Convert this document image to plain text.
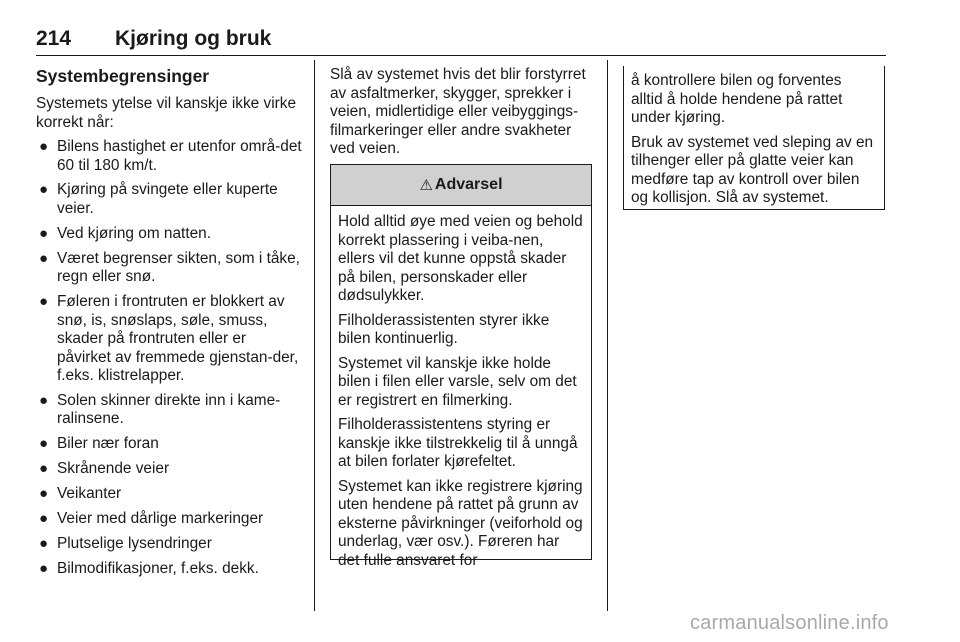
214 Kjøring og bruk
Systembegrensinger
Systemets ytelse vil kanskje ikke virke korrekt når:
● Bilens hastighet er utenfor områ-det 60 til 180 km/t.
● Kjøring på svingete eller kuperte veier.
● Ved kjøring om natten.
● Været begrenser sikten, som i tåke, regn eller snø.
● Føleren i frontruten er blokkert av snø, is, snøslaps, søle, smuss, skader på frontruten eller er påvirket av fremmede gjenstan-der, f.eks. klistrelapper.
● Solen skinner direkte inn i kame-ralinsene.
● Biler nær foran
● Skrånende veier
● Veikanter
● Veier med dårlige markeringer
● Plutselige lysendringer
● Bilmodifikasjoner, f.eks. dekk.
Slå av systemet hvis det blir forstyrret av asfaltmerker, skygger, sprekker i veien, midlertidige eller veibyggings-filmarkeringer eller andre svakheter ved veien.
⚠ Advarsel

Hold alltid øye med veien og behold korrekt plassering i veiba-nen, ellers vil det kunne oppstå skader på bilen, personskader eller dødsulykker.

Filholderassistenten styrer ikke bilen kontinuerlig.

Systemet vil kanskje ikke holde bilen i filen eller varsle, selv om det er registrert en filmerking.

Filholderassistentens styring er kanskje ikke tilstrekkelig til å unngå at bilen forlater kjørefeltet.

Systemet kan ikke registrere kjøring uten hendene på rattet på grunn av eksterne påvirkninger (veiforhold og underlag, vær osv.). Føreren har det fulle ansvaret for

å kontrollere bilen og forventes alltid å holde hendene på rattet under kjøring.

Bruk av systemet ved sleping av en tilhenger eller på glatte veier kan medføre tap av kontroll over bilen og kollisjon. Slå av systemet.

carmanualsonline.info
